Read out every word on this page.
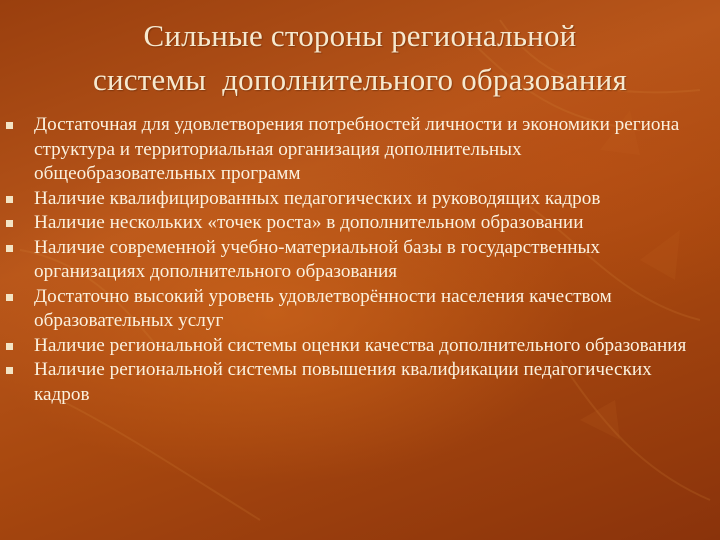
Сильные стороны региональной
системы  дополнительного образования
Достаточная для удовлетворения потребностей личности и экономики региона структура и территориальная организация дополнительных общеобразовательных программ
Наличие квалифицированных педагогических и руководящих кадров
Наличие нескольких «точек роста» в дополнительном образовании
Наличие современной учебно-материальной базы в государственных организациях дополнительного образования
Достаточно высокий уровень удовлетворённости населения качеством образовательных услуг
Наличие региональной системы оценки качества дополнительного образования
Наличие региональной системы повышения квалификации педагогических кадров
